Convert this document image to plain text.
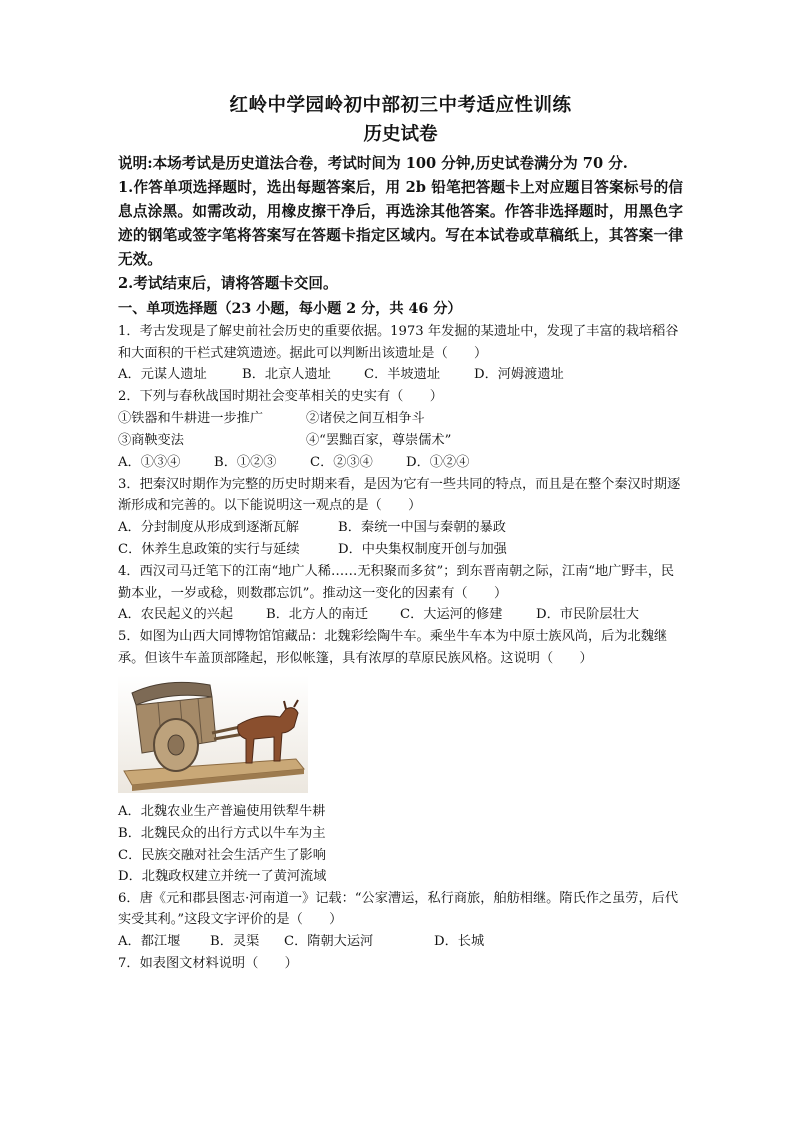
红岭中学园岭初中部初三中考适应性训练
历史试卷
说明:本场考试是历史道法合卷，考试时间为 100 分钟,历史试卷满分为 70 分.
1.作答单项选择题时，选出每题答案后，用 2b 铅笔把答题卡上对应题目答案标号的信息点涂黑。如需改动，用橡皮擦干净后，再选涂其他答案。作答非选择题时，用黑色字迹的钢笔或签字笔将答案写在答题卡指定区域内。写在本试卷或草稿纸上，其答案一律无效。
2.考试结束后，请将答题卡交回。
一、单项选择题（23 小题，每小题 2 分，共 46 分）
1．考古发现是了解史前社会历史的重要依据。1973 年发掘的某遗址中，发现了丰富的栽培稻谷和大面积的干栏式建筑遗迹。据此可以判断出该遗址是（　　）
A．元谋人遗址	B．北京人遗址	C．半坡遗址	D．河姆渡遗址
2．下列与春秋战国时期社会变革相关的史实有（　　）
①铁器和牛耕进一步推广	②诸侯之间互相争斗
③商鞅变法	④“罢黜百家，尊崇儒术”
A．①③④	B．①②③	C．②③④	D．①②④
3．把秦汉时期作为完整的历史时期来看，是因为它有一些共同的特点，而且是在整个秦汉时期逐渐形成和完善的。以下能说明这一观点的是（　　）
A．分封制度从形成到逐渐瓦解	B．秦统一中国与秦朝的暴政
C．休养生息政策的实行与延续	D．中央集权制度开创与加强
4．西汉司马迁笔下的江南“地广人稀……无积聚而多贫”；到东晋南朝之际，江南“地广野丰，民勤本业，一岁或稔，则数郡忘饥”。推动这一变化的因素有（　　）
A．农民起义的兴起	B．北方人的南迁	C．大运河的修建	D．市民阶层壮大
5．如图为山西大同博物馆馆藏品：北魏彩绘陶牛车。乘坐牛车本为中原士族风尚，后为北魏继承。但该牛车盖顶部隆起，形似帐篷，具有浓厚的草原民族风格。这说明（　　）
A．北魏农业生产普遍使用铁犁牛耕
B．北魏民众的出行方式以牛车为主
C．民族交融对社会生活产生了影响
D．北魏政权建立并统一了黄河流域
6．唐《元和郡县图志·河南道一》记载：“公家漕运，私行商旅，舶舫相继。隋氏作之虽劳，后代实受其利。”这段文字评价的是（　　）
A．都江堰	B．灵渠	C．隋朝大运河	D．长城
7．如表图文材料说明（　　）
